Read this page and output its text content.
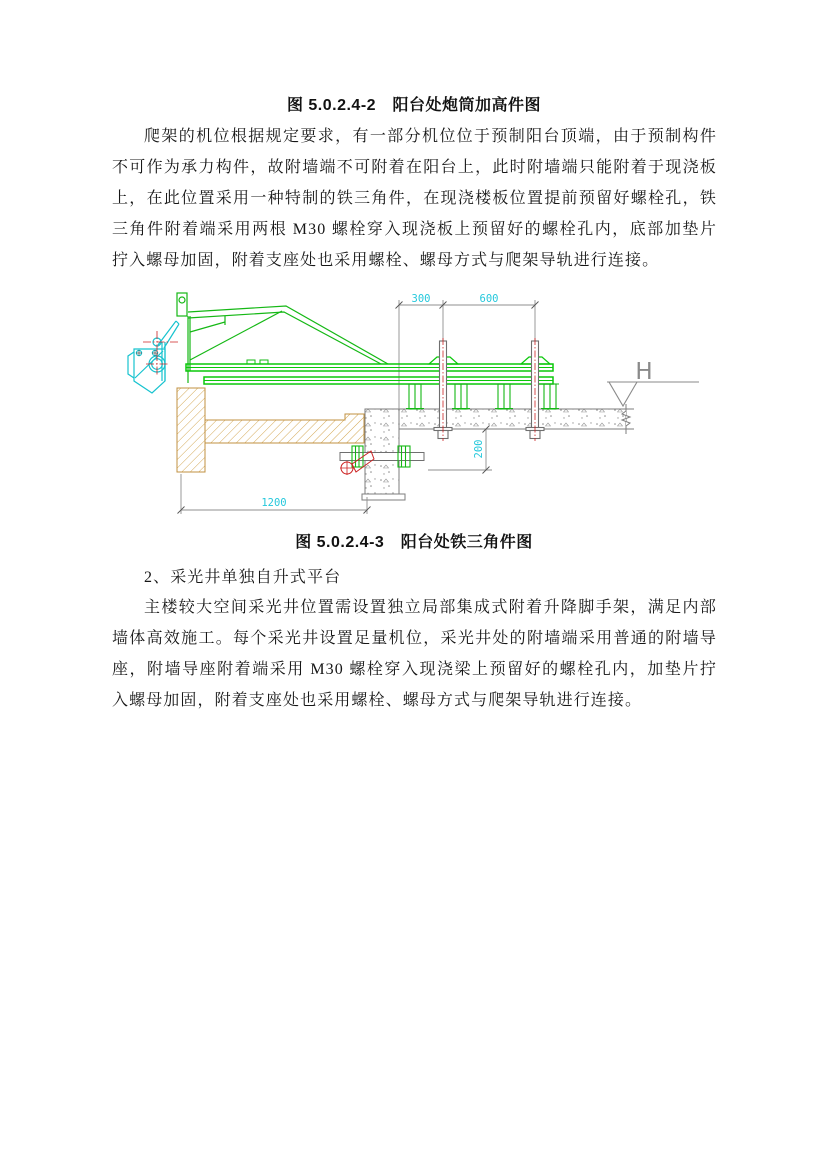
图 5.0.2.4-2　阳台处炮筒加高件图

爬架的机位根据规定要求，有一部分机位位于预制阳台顶端，由于预制构件不可作为承力构件，故附墙端不可附着在阳台上，此时附墙端只能附着于现浇板上，在此位置采用一种特制的铁三角件，在现浇楼板位置提前预留好螺栓孔，铁三角件附着端采用两根 M30 螺栓穿入现浇板上预留好的螺栓孔内，底部加垫片拧入螺母加固，附着支座处也采用螺栓、螺母方式与爬架导轨进行连接。

H
300	600
200
1200
图 5.0.2.4-3　阳台处铁三角件图

2、采光井单独自升式平台

主楼较大空间采光井位置需设置独立局部集成式附着升降脚手架，满足内部墙体高效施工。每个采光井设置足量机位，采光井处的附墙端采用普通的附墙导座，附墙导座附着端采用 M30 螺栓穿入现浇梁上预留好的螺栓孔内，加垫片拧入螺母加固，附着支座处也采用螺栓、螺母方式与爬架导轨进行连接。
